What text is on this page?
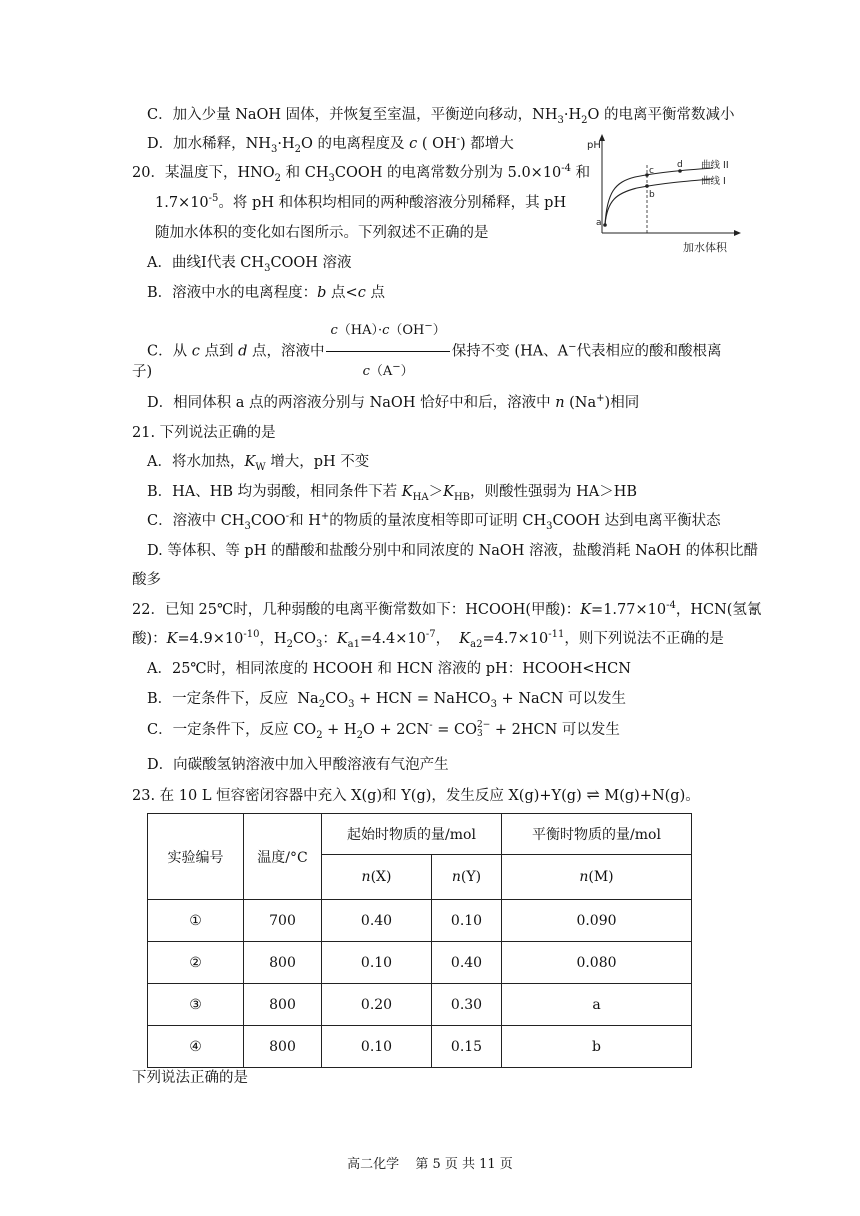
C．加入少量 NaOH 固体，并恢复至室温，平衡逆向移动，$NH_3\cdot H_2O$ 的电离平衡常数减小
D．加水稀释，$NH_3\cdot H_2O$ 的电离程度及 c ( OH-) 都增大
20．某温度下，$HNO_2$ 和 $CH_3COOH$ 的电离常数分别为 $5.0\times 10^{-4}$ 和
$1.7\times 10^{-5}$。将 pH 和体积均相同的两种酸溶液分别稀释，其 pH
随加水体积的变化如右图所示。下列叙述不正确的是
pH
加水体积
a
b
c
d 曲线 II
曲线 I
A．曲线Ⅰ代表 $CH_3COOH$ 溶液
B．溶液中水的电离程度：b 点<c 点
C．从 c 点到 d 点，溶液中 $\frac{c(HA)\cdot c(OH^-)}{c(A^-)}$ 保持不变 (HA、A−代表相应的酸和酸根离
子)
D．相同体积 a 点的两溶液分别与 NaOH 恰好中和后，溶液中 n (Na+)相同
21. 下列说法正确的是
A．将水加热，$K_W$ 增大，pH 不变
B．HA、HB 均为弱酸，相同条件下若 $K_{HA}>K_{HB}$，则酸性强弱为 HA＞HB
C．溶液中 $CH_3COO^-$和 H+的物质的量浓度相等即可证明 $CH_3COOH$ 达到电离平衡状态
D. 等体积、等 pH 的醋酸和盐酸分别中和同浓度的 NaOH 溶液，盐酸消耗 NaOH 的体积比醋
酸多
22．已知 25℃时，几种弱酸的电离平衡常数如下：HCOOH(甲酸)：$K=1.77\times 10^{-4}$，HCN(氢氰
酸)：$K=4.9\times 10^{-10}$，$H_2CO_3$：$K_{a1}=4.4\times 10^{-7}$，  $K_{a2}=4.7\times 10^{-11}$，则下列说法不正确的是
A．25℃时，相同浓度的 HCOOH 和 HCN 溶液的 pH：HCOOH<HCN
B．一定条件下，反应  $Na_2CO_3$ + HCN = NaHCO$_3$ + NaCN 可以发生
C．一定条件下，反应 $CO_2 + H_2O + 2CN^-$ = CO 2−
3 + 2HCN 可以发生
D．向碳酸氢钠溶液中加入甲酸溶液有气泡产生
23. 在 10 L 恒容密闭容器中充入 X(g)和 Y(g)，发生反应 X(g)+Y(g) ⇌ M(g)+N(g)。
实验编号	温度/°C	起始时物质的量/mol		平衡时物质的量/mol
		n(X)	n(Y)	n(M)
①	700	0.40	0.10	0.090
②	800	0.10	0.40	0.080
③	800	0.20	0.30	a
④	800	0.10	0.15	b
下列说法正确的是
高二化学 第 5 页 共 11 页
